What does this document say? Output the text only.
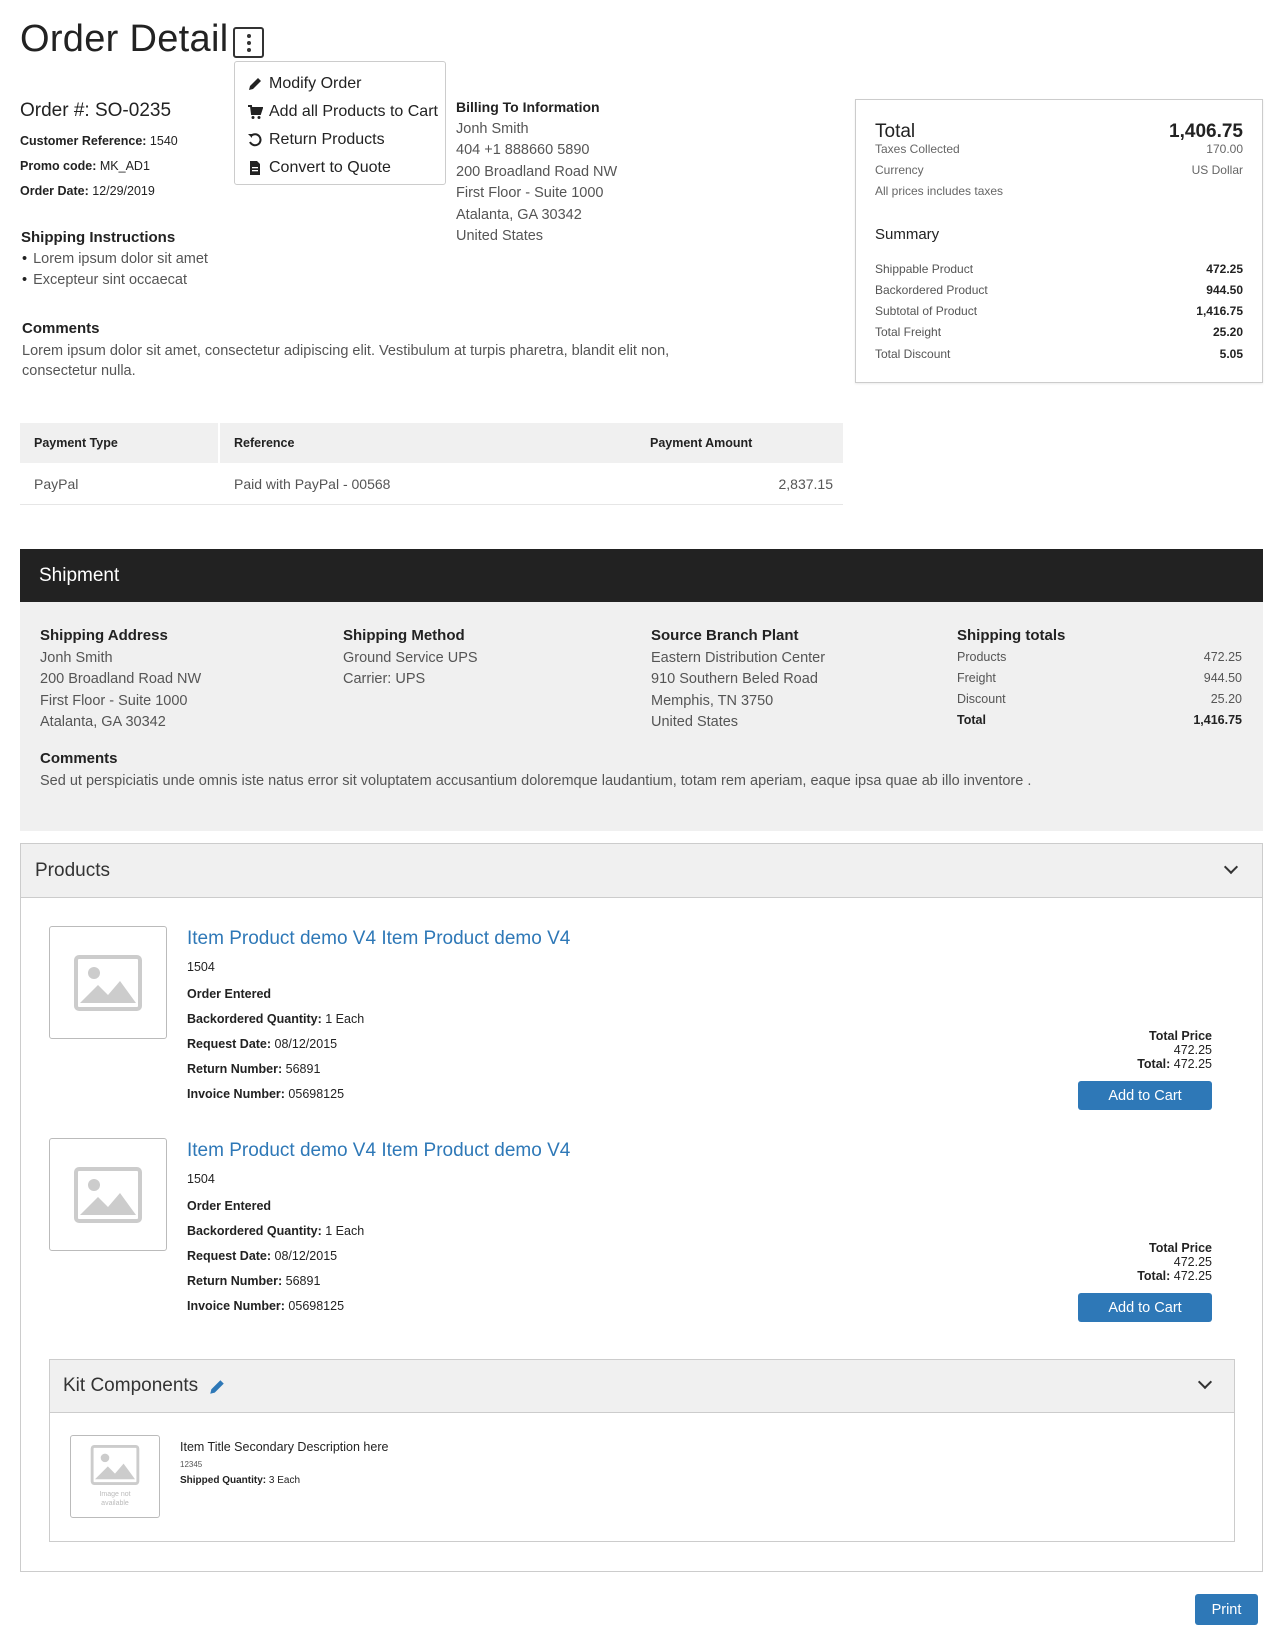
Order Detail
Modify Order
Add all Products to Cart
Return Products
Convert to Quote
Order #: SO-0235
Customer Reference: 1540
Promo code: MK_AD1
Order Date: 12/29/2019
Shipping Instructions
• Lorem ipsum dolor sit amet
• Excepteur sint occaecat
Comments
Lorem ipsum dolor sit amet, consectetur adipiscing elit. Vestibulum at turpis pharetra, blandit elit non, consectetur nulla.
Billing To Information
Jonh Smith
404 +1 888660 5890
200 Broadland Road NW
First Floor - Suite 1000
Atalanta, GA 30342
United States
Total	1,406.75
Taxes Collected	170.00
Currency	US Dollar
All prices includes taxes
Summary
Shippable Product	472.25
Backordered Product	944.50
Subtotal of Product	1,416.75
Total Freight	25.20
Total Discount	5.05
Payment Type	Reference	Payment Amount
PayPal	Paid with PayPal - 00568	2,837.15
Shipment
Shipping Address
Jonh Smith
200 Broadland Road NW
First Floor - Suite 1000
Atalanta, GA 30342
Shipping Method
Ground Service UPS
Carrier: UPS
Source Branch Plant
Eastern Distribution Center
910 Southern Beled Road
Memphis, TN 3750
United States
Shipping totals
Products	472.25
Freight	944.50
Discount	25.20
Total	1,416.75
Comments
Sed ut perspiciatis unde omnis iste natus error sit voluptatem accusantium doloremque laudantium, totam rem aperiam, eaque ipsa quae ab illo inventore .
Products
Item Product demo V4 Item Product demo V4
1504
Order Entered
Backordered Quantity: 1 Each
Request Date: 08/12/2015
Return Number: 56891
Invoice Number: 05698125
Total Price
472.25
Total: 472.25
Add to Cart
Item Product demo V4 Item Product demo V4
1504
Order Entered
Backordered Quantity: 1 Each
Request Date: 08/12/2015
Return Number: 56891
Invoice Number: 05698125
Total Price
472.25
Total: 472.25
Add to Cart
Kit Components
Image not available
Item Title Secondary Description here
12345
Shipped Quantity: 3 Each
Print
